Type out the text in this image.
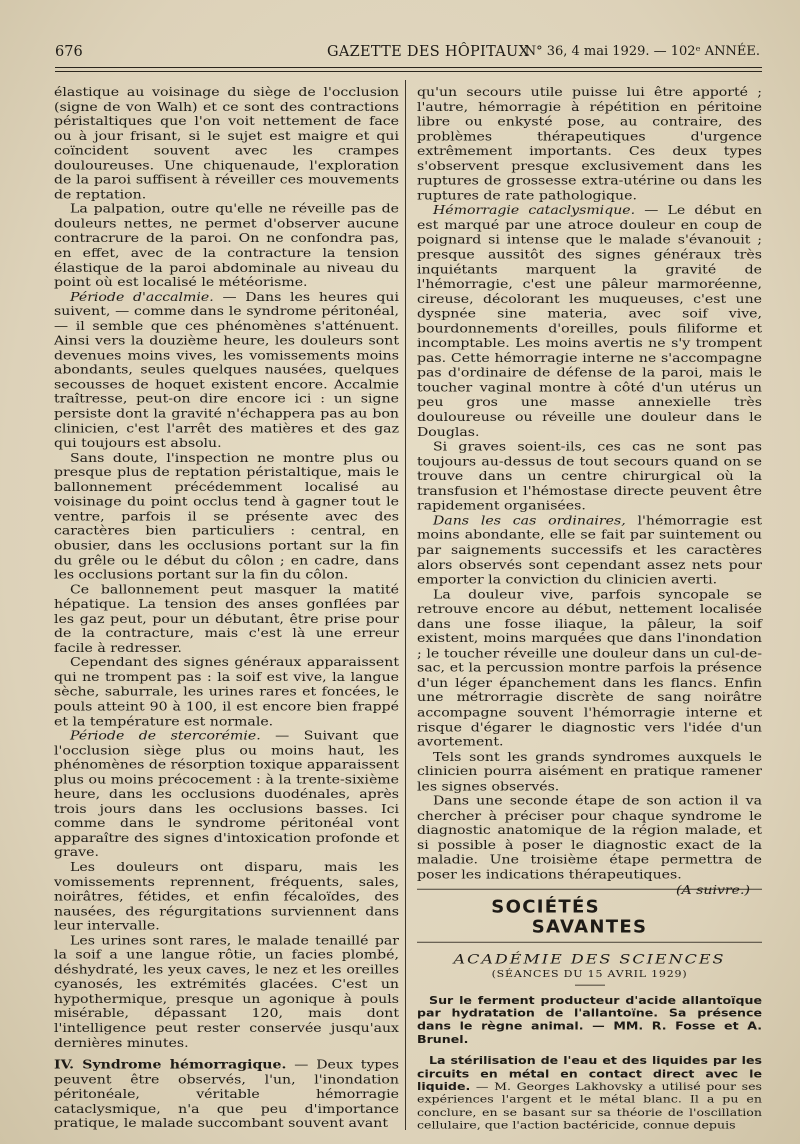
676	GAZETTE DES HÔPITAUX
N° 36, 4 mai 1929. — 102ᵉ ANNÉE.

élastique au voisinage du siège de l'occlusion (signe de von Walh) et ce sont des contractions péristaltiques que l'on voit nettement de face ou à jour frisant, si le sujet est maigre et qui coïncident souvent avec les crampes douloureuses. Une chiquenaude, l'exploration de la paroi suffisent à réveiller ces mouvements de reptation.

La palpation, outre qu'elle ne réveille pas de douleurs nettes, ne permet d'observer aucune contracrure de la paroi. On ne confondra pas, en effet, avec de la contracture la tension élastique de la paroi abdominale au niveau du point où est localisé le météorisme.

Période d'accalmie. — Dans les heures qui suivent, — comme dans le syndrome péritonéal, — il semble que ces phénomènes s'atténuent. Ainsi vers la douzième heure, les douleurs sont devenues moins vives, les vomissements moins abondants, seules quelques nausées, quelques secousses de hoquet existent encore. Accalmie traîtresse, peut-on dire encore ici : un signe persiste dont la gravité n'échappera pas au bon clinicien, c'est l'arrêt des matières et des gaz qui toujours est absolu.

Sans doute, l'inspection ne montre plus ou presque plus de reptation péristaltique, mais le ballonnement précédemment localisé au voisinage du point occlus tend à gagner tout le ventre, parfois il se présente avec des caractères bien particuliers : central, en obusier, dans les occlusions portant sur la fin du grêle ou le début du côlon ; en cadre, dans les occlusions portant sur la fin du côlon.

Ce ballonnement peut masquer la matité hépatique. La tension des anses gonflées par les gaz peut, pour un débutant, être prise pour de la contracture, mais c'est là une erreur facile à redresser.

Cependant des signes généraux apparaissent qui ne trompent pas : la soif est vive, la langue sèche, saburrale, les urines rares et foncées, le pouls atteint 90 à 100, il est encore bien frappé et la température est normale.

Période de stercorémie. — Suivant que l'occlusion siège plus ou moins haut, les phénomènes de résorption toxique apparaissent plus ou moins précocement : à la trente-sixième heure, dans les occlusions duodénales, après trois jours dans les occlusions basses. Ici comme dans le syndrome péritonéal vont apparaître des signes d'intoxication profonde et grave.

Les douleurs ont disparu, mais les vomissements reprennent, fréquents, sales, noirâtres, fétides, et enfin fécaloïdes, des nausées, des régurgitations surviennent dans leur intervalle.

Les urines sont rares, le malade tenaillé par la soif a une langue rôtie, un facies plombé, déshydraté, les yeux caves, le nez et les oreilles cyanosés, les extrémités glacées. C'est un hypothermique, presque un agonique à pouls misérable, dépassant 120, mais dont l'intelligence peut rester conservée jusqu'aux dernières minutes.

IV. Syndrome hémorragique. — Deux types peuvent être observés, l'un, l'inondation péritonéale, véritable hémorragie cataclysmique, n'a que peu d'importance pratique, le malade succombant souvent avant

qu'un secours utile puisse lui être apporté ; l'autre, hémorragie à répétition en péritoine libre ou enkysté pose, au contraire, des problèmes thérapeutiques d'urgence extrêmement importants. Ces deux types s'observent presque exclusivement dans les ruptures de grossesse extra-utérine ou dans les ruptures de rate pathologique.

Hémorragie cataclysmique. — Le début en est marqué par une atroce douleur en coup de poignard si intense que le malade s'évanouit ; presque aussitôt des signes généraux très inquiétants marquent la gravité de l'hémorragie, c'est une pâleur marmoréenne, cireuse, décolorant les muqueuses, c'est une dyspnée sine materia, avec soif vive, bourdonnements d'oreilles, pouls filiforme et incomptable. Les moins avertis ne s'y trompent pas. Cette hémorragie interne ne s'accompagne pas d'ordinaire de défense de la paroi, mais le toucher vaginal montre à côté d'un utérus un peu gros une masse annexielle très douloureuse ou réveille une douleur dans le Douglas.

Si graves soient-ils, ces cas ne sont pas toujours au-dessus de tout secours quand on se trouve dans un centre chirurgical où la transfusion et l'hémostase directe peuvent être rapidement organisées.

Dans les cas ordinaires, l'hémorragie est moins abondante, elle se fait par suintement ou par saignements successifs et les caractères alors observés sont cependant assez nets pour emporter la conviction du clinicien averti.

La douleur vive, parfois syncopale se retrouve encore au début, nettement localisée dans une fosse iliaque, la pâleur, la soif existent, moins marquées que dans l'inondation ; le toucher réveille une douleur dans un cul-de-sac, et la percussion montre parfois la présence d'un léger épanchement dans les flancs. Enfin une métrorragie discrète de sang noirâtre accompagne souvent l'hémorragie interne et risque d'égarer le diagnostic vers l'idée d'un avortement.

Tels sont les grands syndromes auxquels le clinicien pourra aisément en pratique ramener les signes observés.

Dans une seconde étape de son action il va chercher à préciser pour chaque syndrome le diagnostic anatomique de la région malade, et si possible à poser le diagnostic exact de la maladie. Une troisième étape permettra de poser les indications thérapeutiques.
(A suivre.)

SOCIÉTÉS SAVANTES
ACADÉMIE DES SCIENCES
(SÉANCES DU 15 AVRIL 1929)

Sur le ferment producteur d'acide allantoïque par hydratation de l'allantoïne. Sa présence dans le règne animal. — MM. R. Fosse et A. Brunel.

La stérilisation de l'eau et des liquides par les circuits en métal en contact direct avec le liquide. — M. Georges Lakhovsky a utilisé pour ses expériences l'argent et le métal blanc. Il a pu en conclure, en se basant sur sa théorie de l'oscillation cellulaire, que l'action bactéricide, connue depuis
